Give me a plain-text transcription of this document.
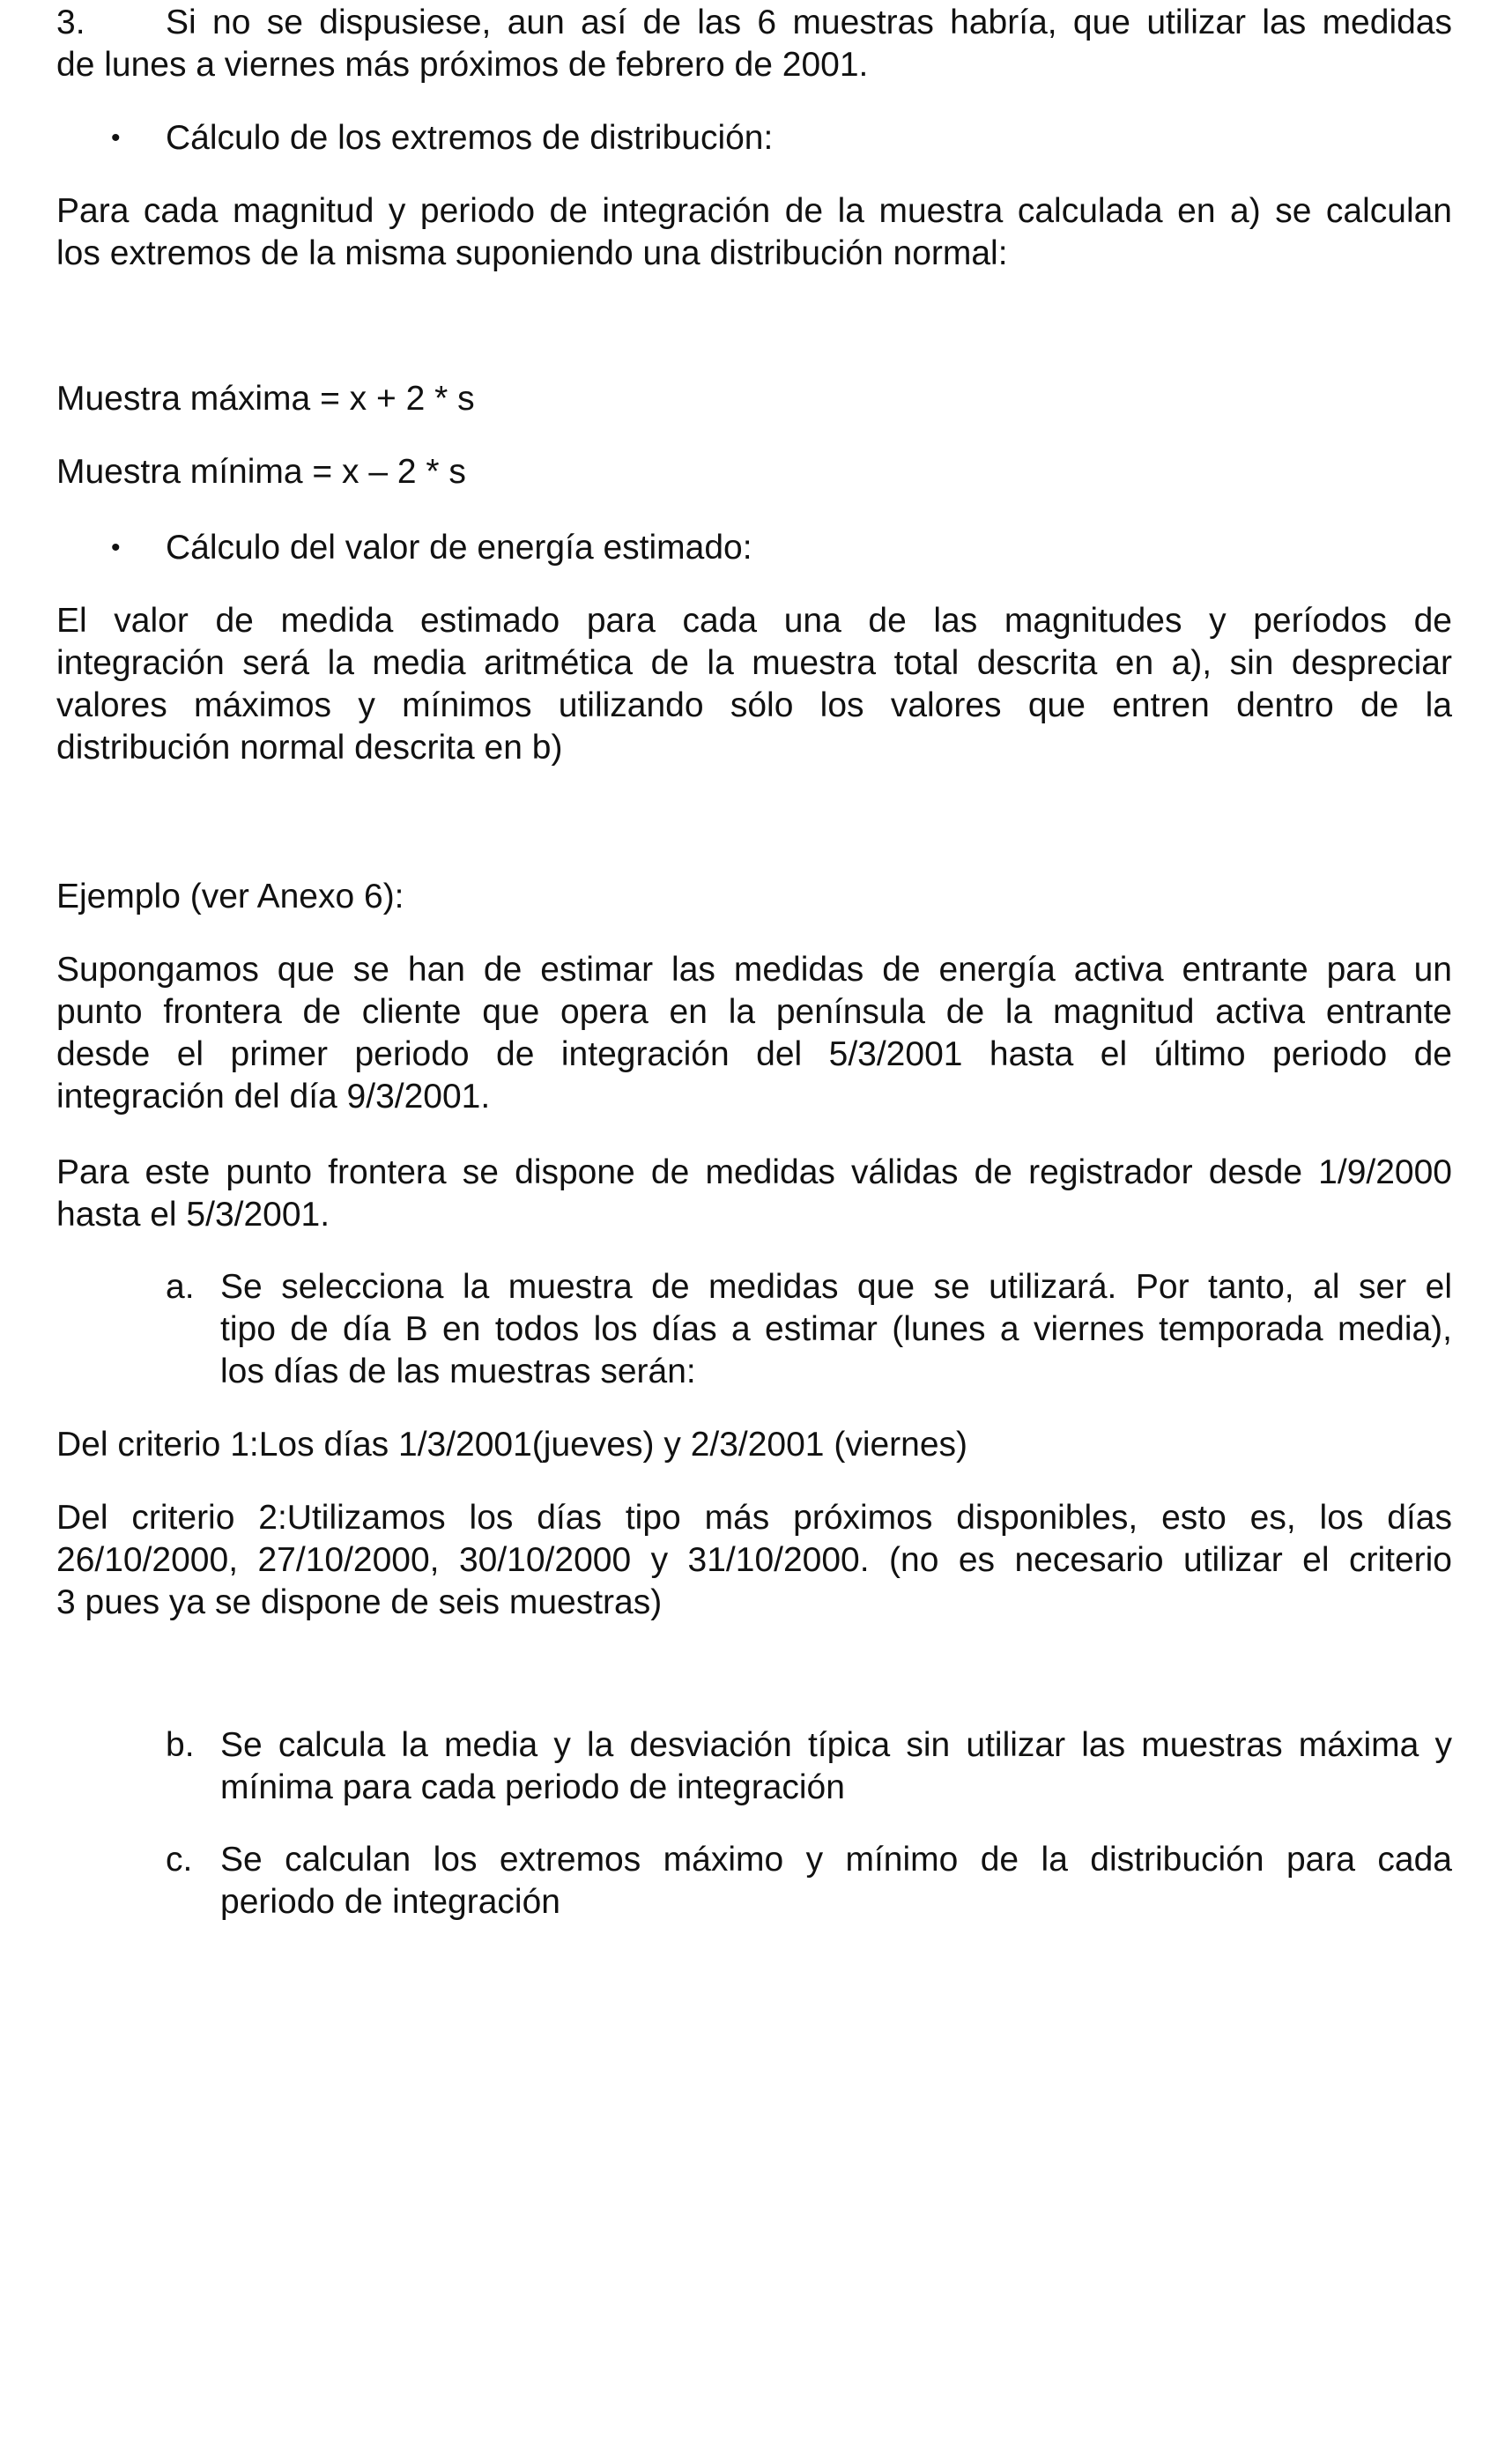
3.	Si no se dispusiese, aun así de las 6 muestras habría, que utilizar las medidas
de lunes a viernes más próximos de febrero de 2001.
•	Cálculo de los extremos de distribución:
Para cada magnitud y periodo de integración de la muestra calculada en a) se calculan
los extremos de la misma suponiendo una distribución normal:
Muestra máxima = x + 2 * s
Muestra mínima = x – 2 * s
•	Cálculo del valor de energía estimado:
El valor de medida estimado para cada una de las magnitudes y períodos de
integración será la media aritmética de la muestra total descrita en a), sin despreciar
valores máximos y mínimos utilizando sólo los valores que entren dentro de la
distribución normal descrita en b)
Ejemplo (ver Anexo 6):
Supongamos que se han de estimar las medidas de energía activa entrante para un
punto frontera de cliente que opera en la península de la magnitud activa entrante
desde el primer periodo de integración del 5/3/2001 hasta el último periodo de
integración del día 9/3/2001.
Para este punto frontera se dispone de medidas válidas de registrador desde 1/9/2000
hasta el 5/3/2001.
a. Se selecciona la muestra de medidas que se utilizará. Por tanto, al ser el
tipo de día B en todos los días a estimar (lunes a viernes temporada media),
los días de las muestras serán:
Del criterio 1:Los días 1/3/2001(jueves) y 2/3/2001 (viernes)
Del criterio 2:Utilizamos los días tipo más próximos disponibles, esto es, los días
26/10/2000, 27/10/2000, 30/10/2000 y 31/10/2000. (no es necesario utilizar el criterio
3 pues ya se dispone de seis muestras)
b. Se calcula la media y la desviación típica sin utilizar las muestras máxima y
mínima para cada periodo de integración
c. Se calculan los extremos máximo y mínimo de la distribución para cada
periodo de integración
